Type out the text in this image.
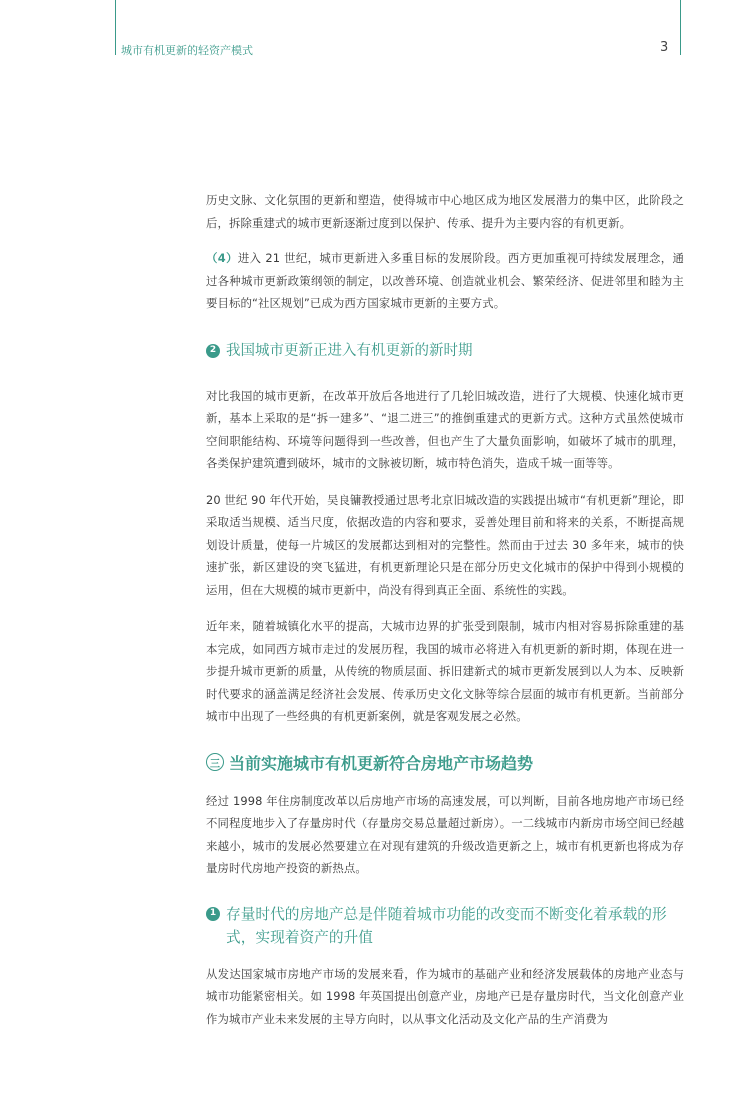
城市有机更新的轻资产模式	3

历史文脉、文化氛围的更新和塑造，使得城市中心地区成为地区发展潜力的集中区，此阶段之后，拆除重建式的城市更新逐渐过度到以保护、传承、提升为主要内容的有机更新。

（4）进入 21 世纪，城市更新进入多重目标的发展阶段。西方更加重视可持续发展理念，通过各种城市更新政策纲领的制定，以改善环境、创造就业机会、繁荣经济、促进邻里和睦为主要目标的“社区规划”已成为西方国家城市更新的主要方式。

2 我国城市更新正进入有机更新的新时期

对比我国的城市更新，在改革开放后各地进行了几轮旧城改造，进行了大规模、快速化城市更新，基本上采取的是“拆一建多”、“退二进三”的推倒重建式的更新方式。这种方式虽然使城市空间职能结构、环境等问题得到一些改善，但也产生了大量负面影响，如破坏了城市的肌理，各类保护建筑遭到破坏，城市的文脉被切断，城市特色消失，造成千城一面等等。

20 世纪 90 年代开始，吴良镛教授通过思考北京旧城改造的实践提出城市“有机更新”理论，即采取适当规模、适当尺度，依据改造的内容和要求，妥善处理目前和将来的关系，不断提高规划设计质量，使每一片城区的发展都达到相对的完整性。然而由于过去 30 多年来，城市的快速扩张，新区建设的突飞猛进，有机更新理论只是在部分历史文化城市的保护中得到小规模的运用，但在大规模的城市更新中，尚没有得到真正全面、系统性的实践。

近年来，随着城镇化水平的提高，大城市边界的扩张受到限制，城市内相对容易拆除重建的基本完成，如同西方城市走过的发展历程，我国的城市必将进入有机更新的新时期，体现在进一步提升城市更新的质量，从传统的物质层面、拆旧建新式的城市更新发展到以人为本、反映新时代要求的涵盖满足经济社会发展、传承历史文化文脉等综合层面的城市有机更新。当前部分城市中出现了一些经典的有机更新案例，就是客观发展之必然。

三 当前实施城市有机更新符合房地产市场趋势

经过 1998 年住房制度改革以后房地产市场的高速发展，可以判断，目前各地房地产市场已经不同程度地步入了存量房时代（存量房交易总量超过新房）。一二线城市内新房市场空间已经越来越小，城市的发展必然要建立在对现有建筑的升级改造更新之上，城市有机更新也将成为存量房时代房地产投资的新热点。

1 存量时代的房地产总是伴随着城市功能的改变而不断变化着承载的形式，实现着资产的升值

从发达国家城市房地产市场的发展来看，作为城市的基础产业和经济发展载体的房地产业态与城市功能紧密相关。如 1998 年英国提出创意产业，房地产已是存量房时代，当文化创意产业作为城市产业未来发展的主导方向时，以从事文化活动及文化产品的生产消费为
